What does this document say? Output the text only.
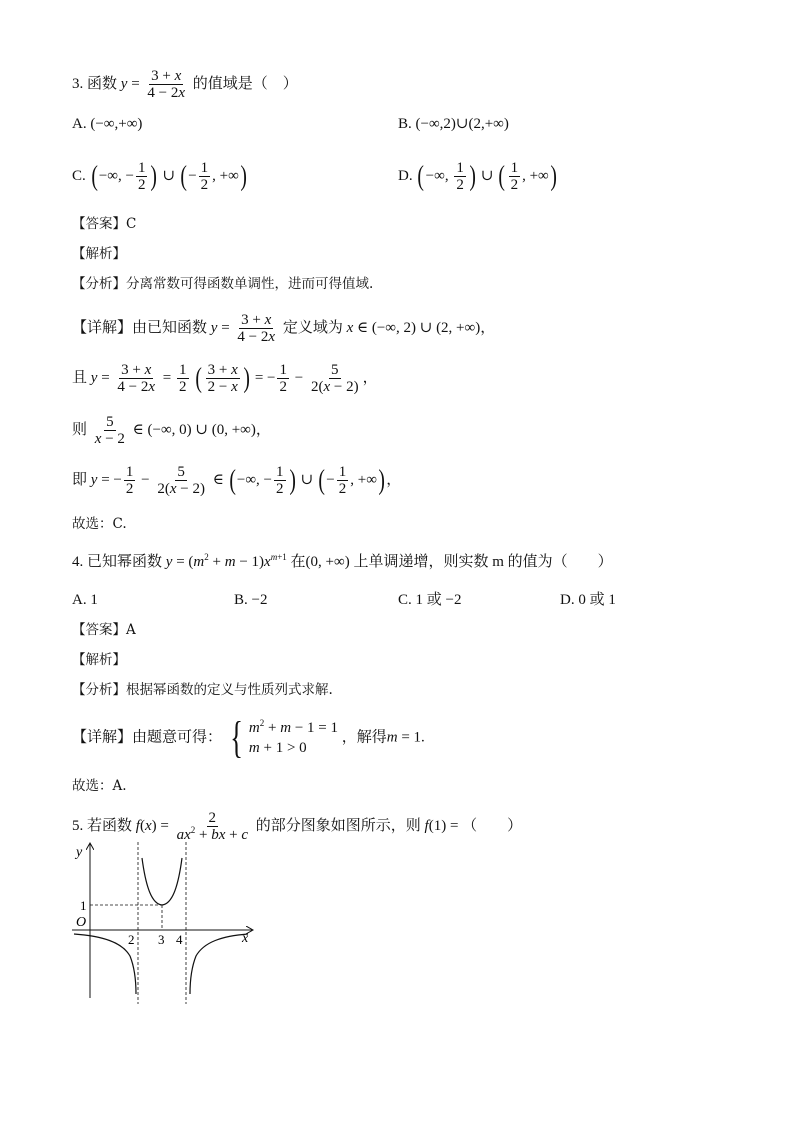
3. 函数 $y = \frac{3 + x}{4 - 2x}$ 的值域是（　）
A. (−∞,+∞)	B. (−∞,2)∪(2,+∞)
C. (−∞, − $\frac{1}{2}$ ) ∪ (− $\frac{1}{2}$ , +∞)	D. (−∞, $\frac{1}{2}$ ) ∪ ( $\frac{1}{2}$ , +∞)
【答案】C
【解析】
【分析】分离常数可得函数单调性，进而可得值域.
【详解】由已知函数 $y = \frac{3 + x}{4 - 2x}$ 定义域为 x ∈ (−∞, 2) ∪ (2, +∞)，
且 $y = \frac{3 + x}{4 - 2x} = \frac{1}{2}$ ( $\frac{3 + x}{2 - x}$ ) = − $\frac{1}{2} - \frac{5}{2(x - 2)}$ ，
则 $\frac{5}{x - 2}$ ∈ (−∞, 0) ∪ (0, +∞)，
即 y = − $\frac{1}{2} - \frac{5}{2(x - 2)}$ ∈ (−∞, − $\frac{1}{2}$ ) ∪ (− $\frac{1}{2}$ , +∞)，
故选：C.
4. 已知幂函数 $y = (m^2 + m - 1)x^{m+1}$ 在(0, +∞) 上单调递增，则实数 m 的值为（　　）
A. 1	B. −2	C. 1 或 −2	D. 0 或 1
【答案】A
【解析】
【分析】根据幂函数的定义与性质列式求解.
【详解】由题意可得： { $m^2 + m - 1 = 1$
m + 1 > 0
，解得m = 1.
故选：A.
5. 若函数 $f(x) = \frac{2}{ax^2 + bx + c}$ 的部分图象如图所示，则 f(1) = （　　）
y
x
O
1
2 3 4
